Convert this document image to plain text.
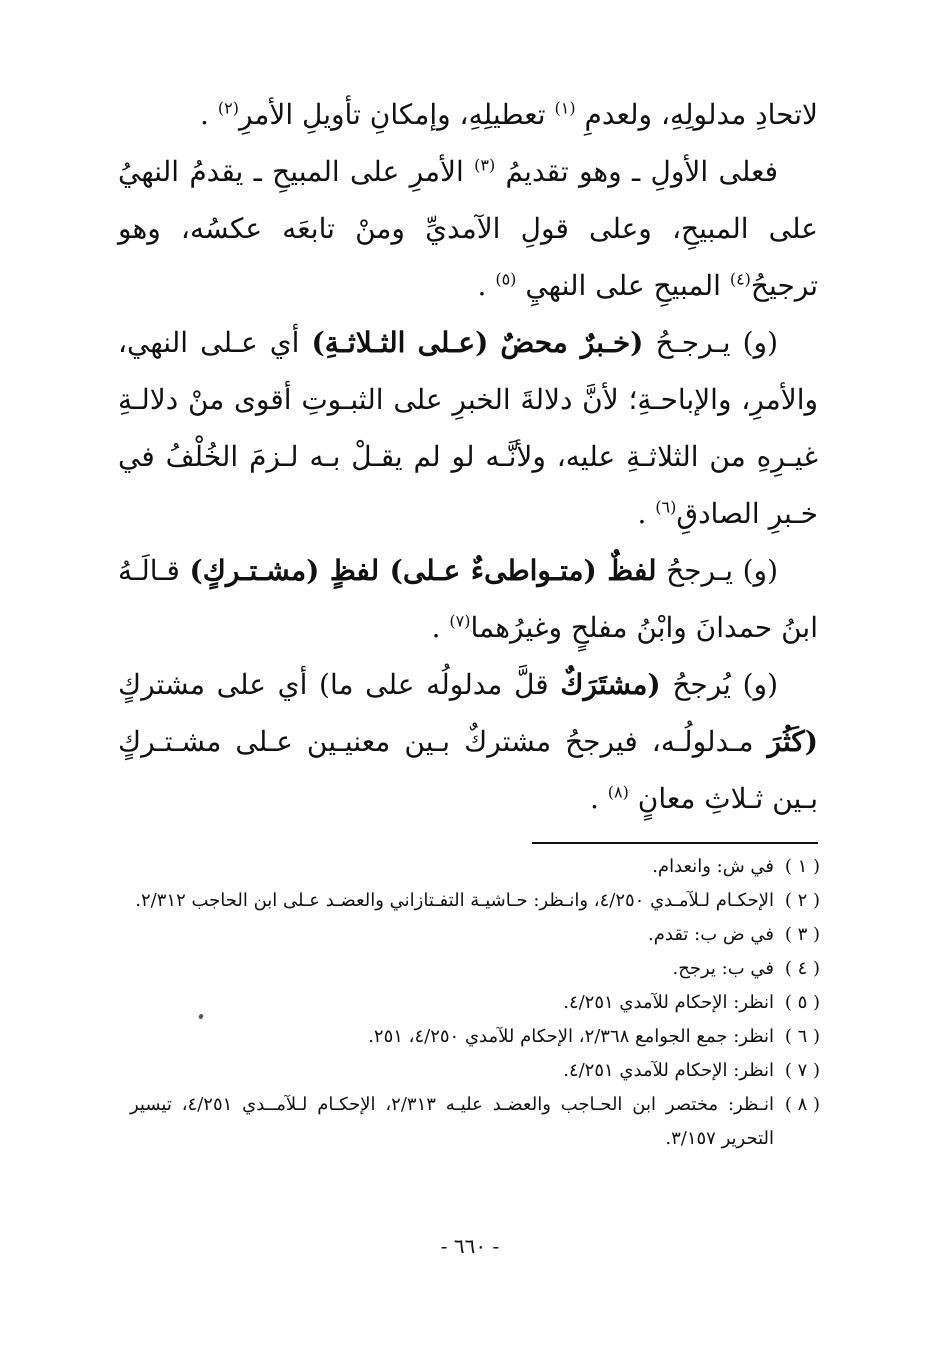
لاتحادِ مدلولِهِ، ولعدمِ $^{(١)}$ تعطيلِهِ، وإمكانِ تأويلِ الأمرِ$^{(٢)}$ .

فعلى الأولِ ـ وهو تقديمُ $^{(٣)}$ الأمرِ على المبيحِ ـ يقدمُ النهيُ على المبيحِ، وعلى قولِ الآمديِّ ومنْ تابعَه عكسُه، وهو ترجيحُ$^{(٤)}$ المبيحِ على النهيِ $^{(٥)}$ .

(و) يـرجـحُ (خـبرٌ محضٌ (عـلى الثـلاثـةِ) أي عـلى النهي، والأمرِ، والإباحـةِ؛ لأنَّ دلالةَ الخبرِ على الثبـوتِ أقوى منْ دلالـةِ غيـرِهِ من الثلاثـةِ عليه، ولأنَّـه لو لم يقـلْ بـه لـزمَ الخُلْفُ في خـبرِ الصادقِ$^{(٦)}$ .

(و) يـرجحُ لفظٌ (متـواطىءٌ عـلى) لفظٍ (مشـتـركٍ) قـالَـهُ ابنُ حمدانَ وابْنُ مفلحٍ وغيرُهما$^{(٧)}$ .

(و) يُرجحُ (مشتَرَكٌ قلَّ مدلولُه على ما) أي على مشتركٍ (كَثُرَ مـدلولُـه، فيرجحُ مشتركٌ بـين معنيـين عـلى مشـتـركٍ بـين ثـلاثِ معانٍ $^{(٨)}$ .

( ١ )
في ش: وانعدام.
( ٢ )
الإحكـام لـلآمـدي ٤/٢٥٠، وانـظر: حـاشيـة التفـتازاني والعضـد عـلى ابن الحاجب ٢/٣١٢.
( ٣ )
في ض ب: تقدم.
( ٤ )
في ب: يرجح.
( ٥ )
انظر: الإحكام للآمدي ٤/٢٥١.
( ٦ )
انظر: جمع الجوامع ٢/٣٦٨، الإحكام للآمدي ٤/٢٥٠، ٢٥١.
( ٧ )
انظر: الإحكام للآمدي ٤/٢٥١.
( ٨ )
انـظر: مختصر ابن الحـاجب والعضـد عليـه ٢/٣١٣، الإحكـام لـلآمــدي ٤/٢٥١، تيسير التحرير ٣/١٥٧.
- ٦٦٠ -
